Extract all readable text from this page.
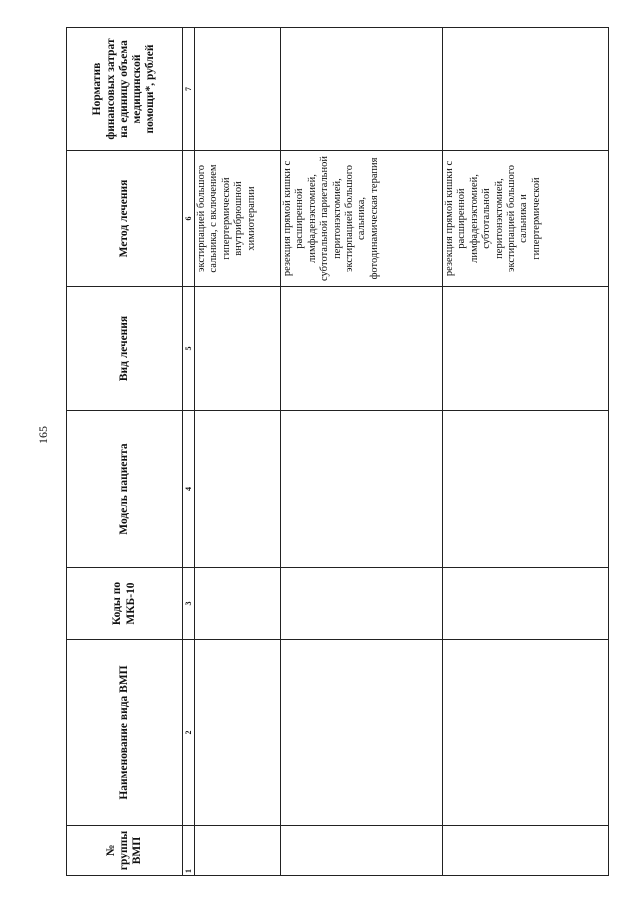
165
№ группы ВМП	Наименование вида ВМП	Коды по МКБ-10	Модель пациента	Вид лечения	Метод лечения	Норматив финансовых затрат на единицу объема медицинской помощи*, рублей
1	2	3	4	5	6	7
					экстирпацией большого сальника, с включением гипертермической внутрибрюшной химиотерапии	
					резекция прямой кишки с расширенной лимфаденэктомией, субтотальной париетальной перитонэктомией, экстирпацией большого сальника, фотодинамическая терапия	
					резекция прямой кишки с расширенной лимфаденэктомией, субтотальной перитонэктомией, экстирпацией большого сальника и гипертермической	
